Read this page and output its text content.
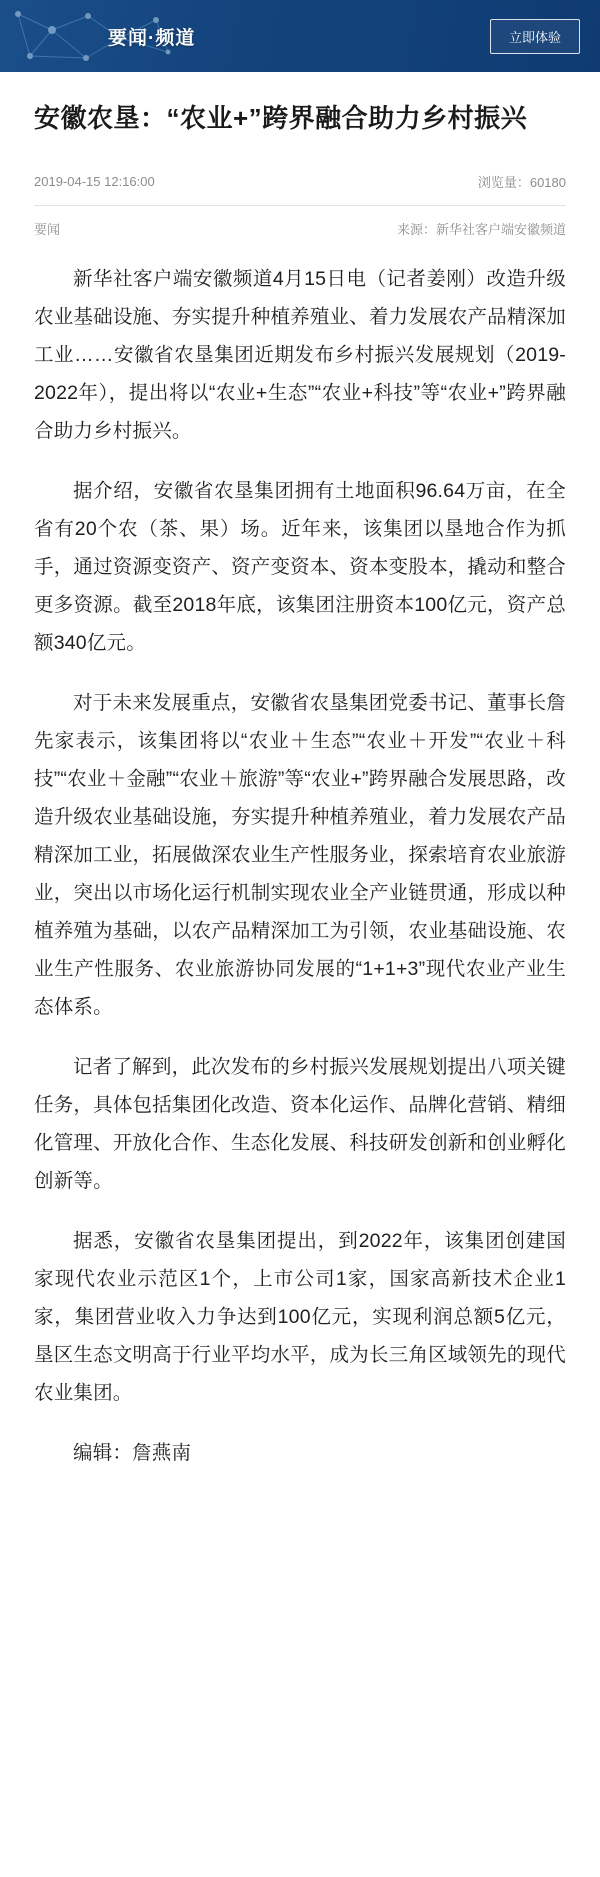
要闻·频道	立即体验
安徽农垦：“农业+”跨界融合助力乡村振兴
2019-04-15 12:16:00	浏览量：60180
要闻	来源：新华社客户端安徽频道

新华社客户端安徽频道4月15日电（记者姜刚）改造升级农业基础设施、夯实提升种植养殖业、着力发展农产品精深加工业……安徽省农垦集团近期发布乡村振兴发展规划（2019-2022年），提出将以“农业+生态”“农业+科技”等“农业+”跨界融合助力乡村振兴。

据介绍，安徽省农垦集团拥有土地面积96.64万亩，在全省有20个农（茶、果）场。近年来，该集团以垦地合作为抓手，通过资源变资产、资产变资本、资本变股本，撬动和整合更多资源。截至2018年底，该集团注册资本100亿元，资产总额340亿元。

对于未来发展重点，安徽省农垦集团党委书记、董事长詹先家表示，该集团将以“农业＋生态”“农业＋开发”“农业＋科技”“农业＋金融”“农业＋旅游”等“农业+”跨界融合发展思路，改造升级农业基础设施，夯实提升种植养殖业，着力发展农产品精深加工业，拓展做深农业生产性服务业，探索培育农业旅游业，突出以市场化运行机制实现农业全产业链贯通，形成以种植养殖为基础，以农产品精深加工为引领，农业基础设施、农业生产性服务、农业旅游协同发展的“1+1+3”现代农业产业生态体系。

记者了解到，此次发布的乡村振兴发展规划提出八项关键任务，具体包括集团化改造、资本化运作、品牌化营销、精细化管理、开放化合作、生态化发展、科技研发创新和创业孵化创新等。

据悉，安徽省农垦集团提出，到2022年，该集团创建国家现代农业示范区1个，上市公司1家，国家高新技术企业1家，集团营业收入力争达到100亿元，实现利润总额5亿元，垦区生态文明高于行业平均水平，成为长三角区域领先的现代农业集团。

编辑：詹燕南
